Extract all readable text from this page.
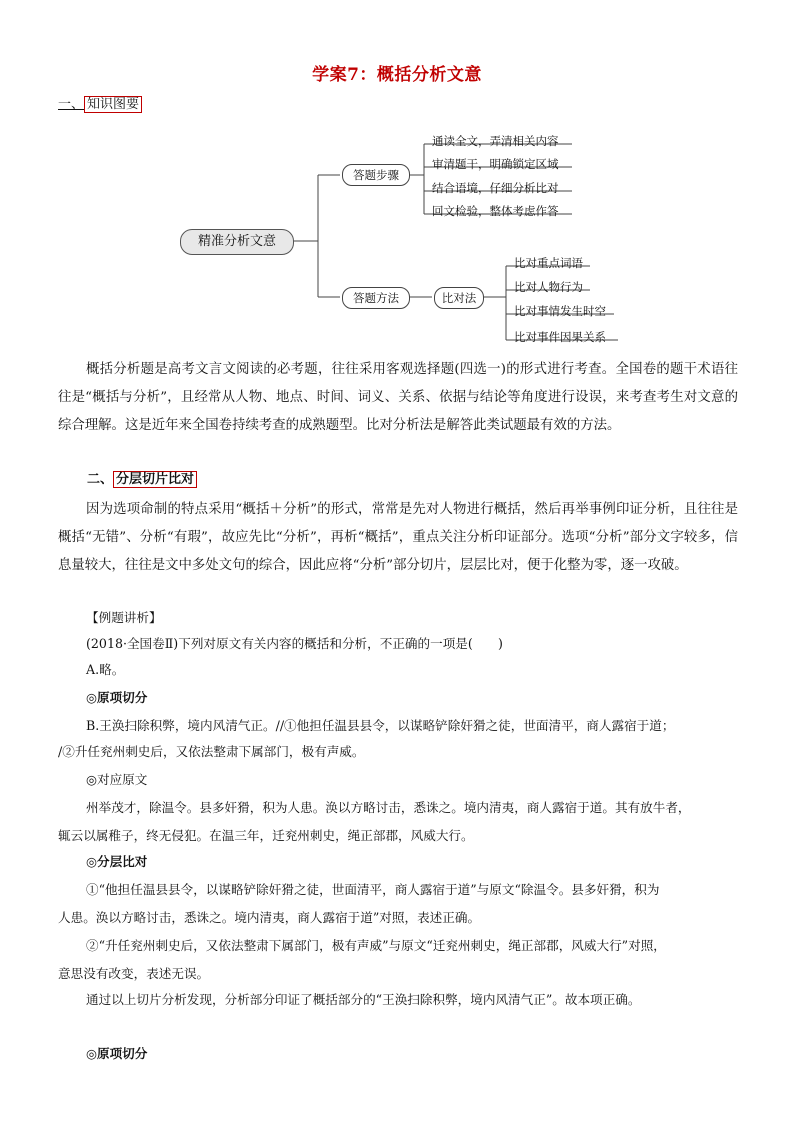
学案7：概括分析文意
一、 知识图要
精准分析文意
答题步骤
通读全文，弄清相关内容
审清题干，明确锁定区域
结合语境，仔细分析比对
回文检验，整体考虑作答
答题方法	比对法
比对重点词语
比对人物行为
比对事情发生时空
比对事件因果关系

概括分析题是高考文言文阅读的必考题，往往采用客观选择题(四选一)的形式进行考查。全国卷的题干术语往往是“概括与分析”，且经常从人物、地点、时间、词义、关系、依据与结论等角度进行设误，来考查考生对文意的综合理解。这是近年来全国卷持续考查的成熟题型。比对分析法是解答此类试题最有效的方法。

二、 分层切片比对

因为选项命制的特点采用“概括＋分析”的形式，常常是先对人物进行概括，然后再举事例印证分析，且往往是概括“无错”、分析“有瑕”，故应先比“分析”，再析“概括”，重点关注分析印证部分。选项“分析”部分文字较多，信息量较大，往往是文中多处文句的综合，因此应将“分析”部分切片，层层比对，便于化整为零，逐一攻破。

【例题讲析】
(2018·全国卷Ⅱ)下列对原文有关内容的概括和分析，不正确的一项是(　　)
A.略。
◎原项切分
B.王涣扫除积弊，境内风清气正。//①他担任温县县令，以谋略铲除奸猾之徒，世面清平，商人露宿于道；
/②升任兖州刺史后，又依法整肃下属部门，极有声威。
◎对应原文
州举茂才，除温令。县多奸猾，积为人患。涣以方略讨击，悉诛之。境内清夷，商人露宿于道。其有放牛者，
辄云以属稚子，终无侵犯。在温三年，迁兖州刺史，绳正部郡，风威大行。
◎分层比对
①“他担任温县县令，以谋略铲除奸猾之徒，世面清平，商人露宿于道”与原文“除温令。县多奸猾，积为
人患。涣以方略讨击，悉诛之。境内清夷，商人露宿于道”对照，表述正确。
②“升任兖州刺史后，又依法整肃下属部门，极有声威”与原文“迁兖州刺史，绳正部郡，风威大行”对照，
意思没有改变，表述无误。
通过以上切片分析发现，分析部分印证了概括部分的“王涣扫除积弊，境内风清气正”。故本项正确。
◎原项切分
